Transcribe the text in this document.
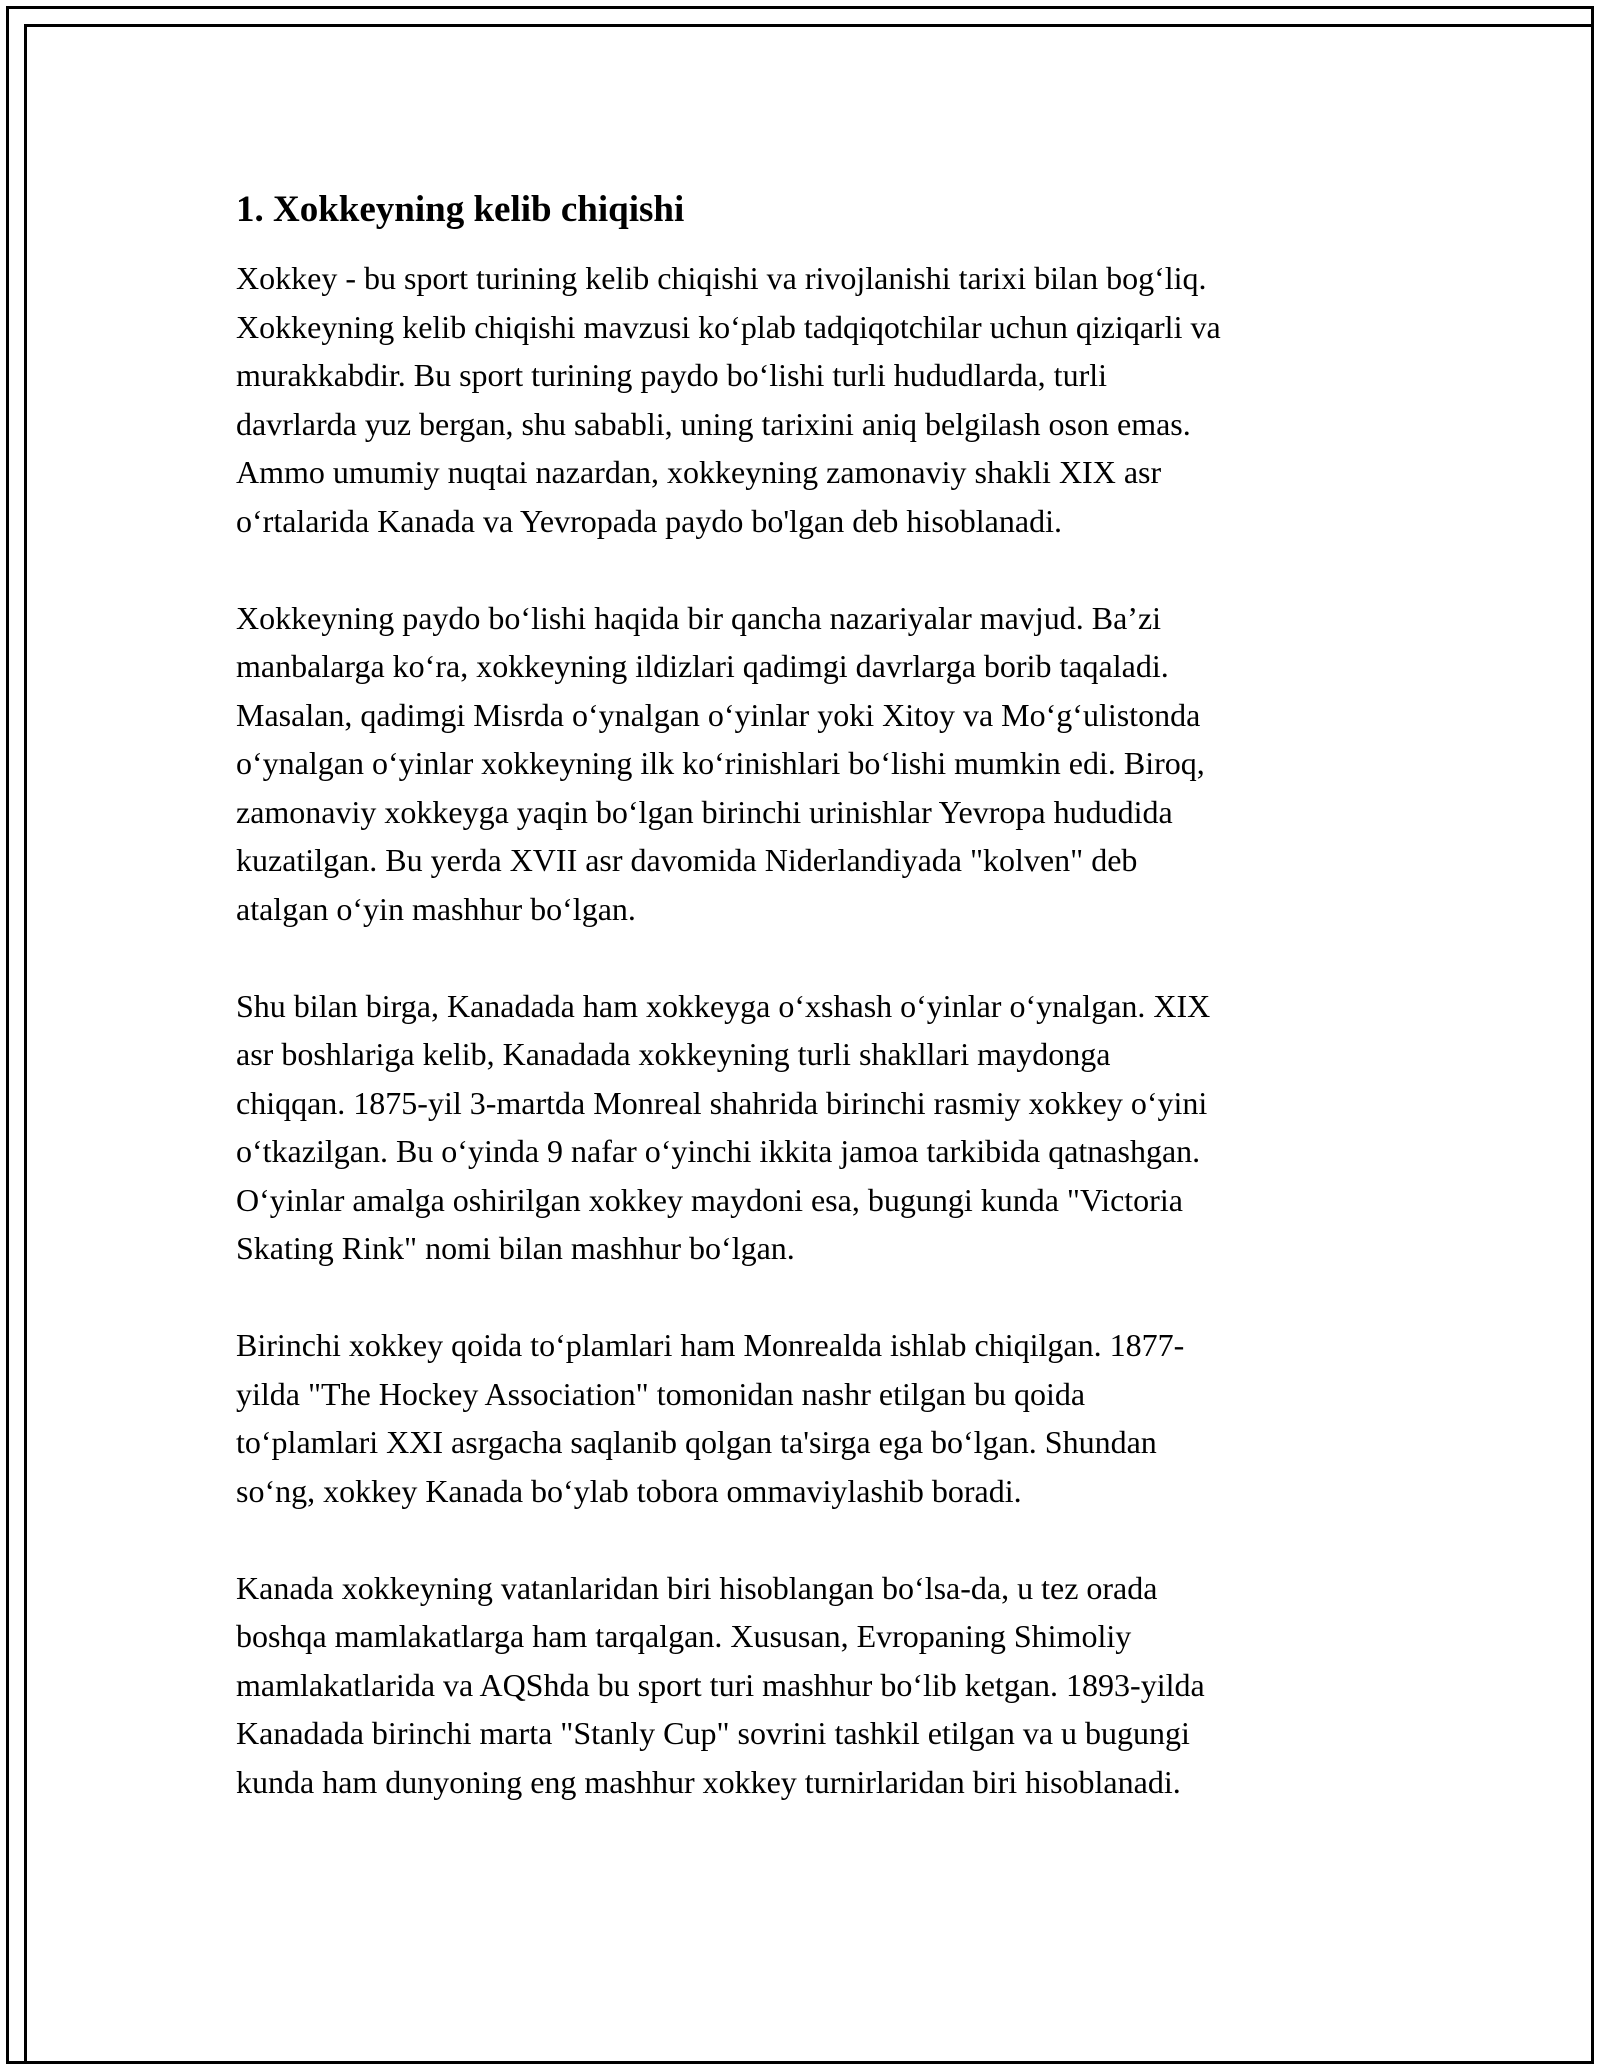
1. Xokkeyning kelib chiqishi

Xokkey - bu sport turining kelib chiqishi va rivojlanishi tarixi bilan bog‘liq.
Xokkeyning kelib chiqishi mavzusi ko‘plab tadqiqotchilar uchun qiziqarli va
murakkabdir. Bu sport turining paydo bo‘lishi turli hududlarda, turli
davrlarda yuz bergan, shu sababli, uning tarixini aniq belgilash oson emas.
Ammo umumiy nuqtai nazardan, xokkeyning zamonaviy shakli XIX asr
o‘rtalarida Kanada va Yevropada paydo bo'lgan deb hisoblanadi.

Xokkeyning paydo bo‘lishi haqida bir qancha nazariyalar mavjud. Ba’zi
manbalarga ko‘ra, xokkeyning ildizlari qadimgi davrlarga borib taqaladi.
Masalan, qadimgi Misrda o‘ynalgan o‘yinlar yoki Xitoy va Mo‘g‘ulistonda
o‘ynalgan o‘yinlar xokkeyning ilk ko‘rinishlari bo‘lishi mumkin edi. Biroq,
zamonaviy xokkeyga yaqin bo‘lgan birinchi urinishlar Yevropa hududida
kuzatilgan. Bu yerda XVII asr davomida Niderlandiyada "kolven" deb
atalgan o‘yin mashhur bo‘lgan.

Shu bilan birga, Kanadada ham xokkeyga o‘xshash o‘yinlar o‘ynalgan. XIX
asr boshlariga kelib, Kanadada xokkeyning turli shakllari maydonga
chiqqan. 1875-yil 3-martda Monreal shahrida birinchi rasmiy xokkey o‘yini
o‘tkazilgan. Bu o‘yinda 9 nafar o‘yinchi ikkita jamoa tarkibida qatnashgan.
O‘yinlar amalga oshirilgan xokkey maydoni esa, bugungi kunda "Victoria
Skating Rink" nomi bilan mashhur bo‘lgan.

Birinchi xokkey qoida to‘plamlari ham Monrealda ishlab chiqilgan. 1877-
yilda "The Hockey Association" tomonidan nashr etilgan bu qoida
to‘plamlari XXI asrgacha saqlanib qolgan ta'sirga ega bo‘lgan. Shundan
so‘ng, xokkey Kanada bo‘ylab tobora ommaviylashib boradi.

Kanada xokkeyning vatanlaridan biri hisoblangan bo‘lsa-da, u tez orada
boshqa mamlakatlarga ham tarqalgan. Xususan, Evropaning Shimoliy
mamlakatlarida va AQShda bu sport turi mashhur bo‘lib ketgan. 1893-yilda
Kanadada birinchi marta "Stanly Cup" sovrini tashkil etilgan va u bugungi
kunda ham dunyoning eng mashhur xokkey turnirlaridan biri hisoblanadi.
